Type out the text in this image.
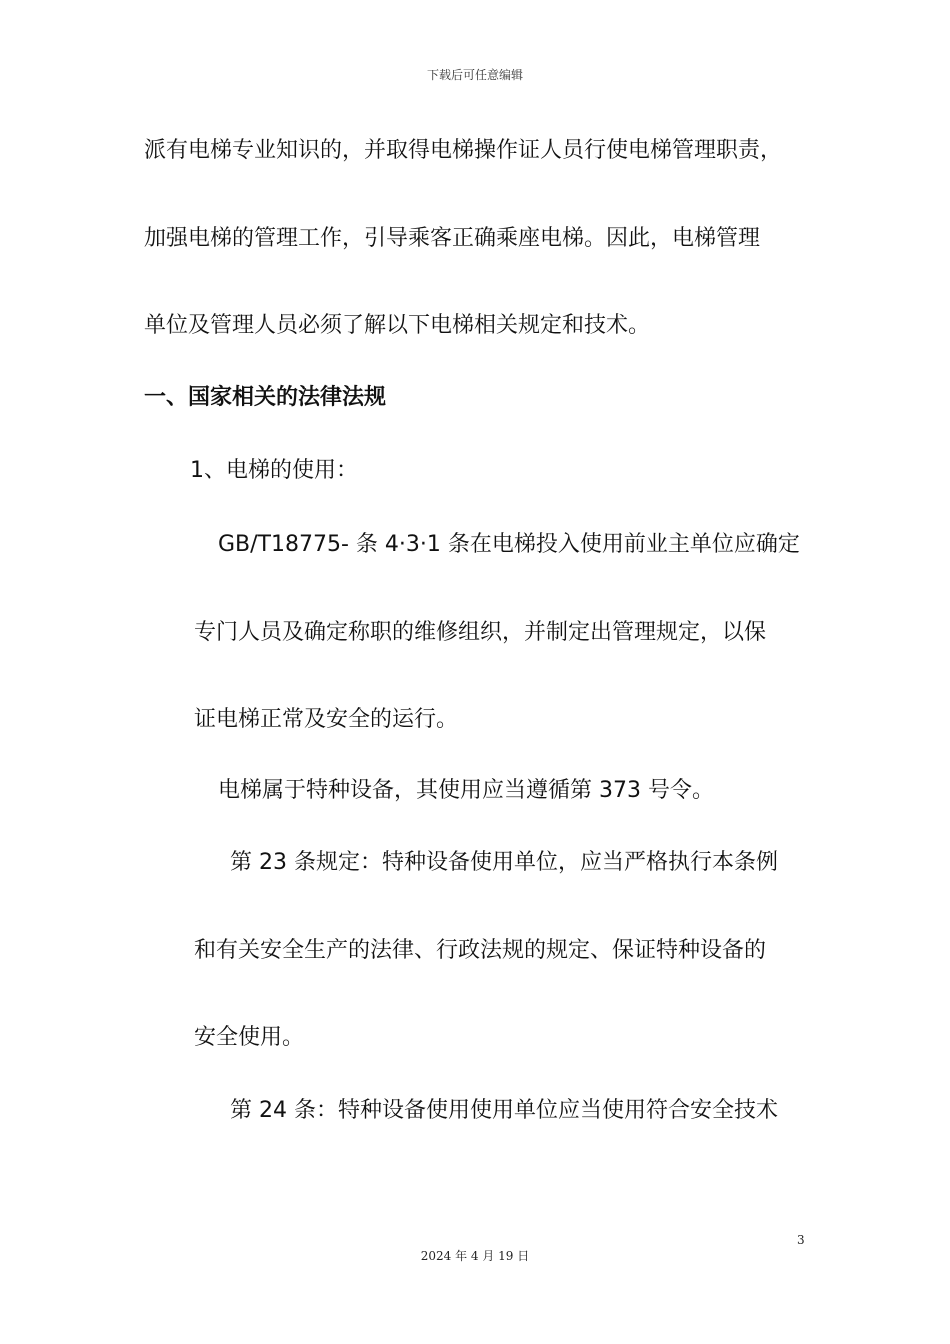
下载后可任意编辑
派有电梯专业知识的，并取得电梯操作证人员行使电梯管理职责，
加强电梯的管理工作，引导乘客正确乘座电梯。因此，电梯管理
单位及管理人员必须了解以下电梯相关规定和技术。
一、国家相关的法律法规
1、电梯的使用：
GB/T18775- 条 4·3·1 条在电梯投入使用前业主单位应确定
专门人员及确定称职的维修组织，并制定出管理规定，以保
证电梯正常及安全的运行。
电梯属于特种设备，其使用应当遵循第 373 号令。
第 23 条规定：特种设备使用单位，应当严格执行本条例
和有关安全生产的法律、行政法规的规定、保证特种设备的
安全使用。
第 24 条：特种设备使用使用单位应当使用符合安全技术
3
2024 年 4 月 19 日
